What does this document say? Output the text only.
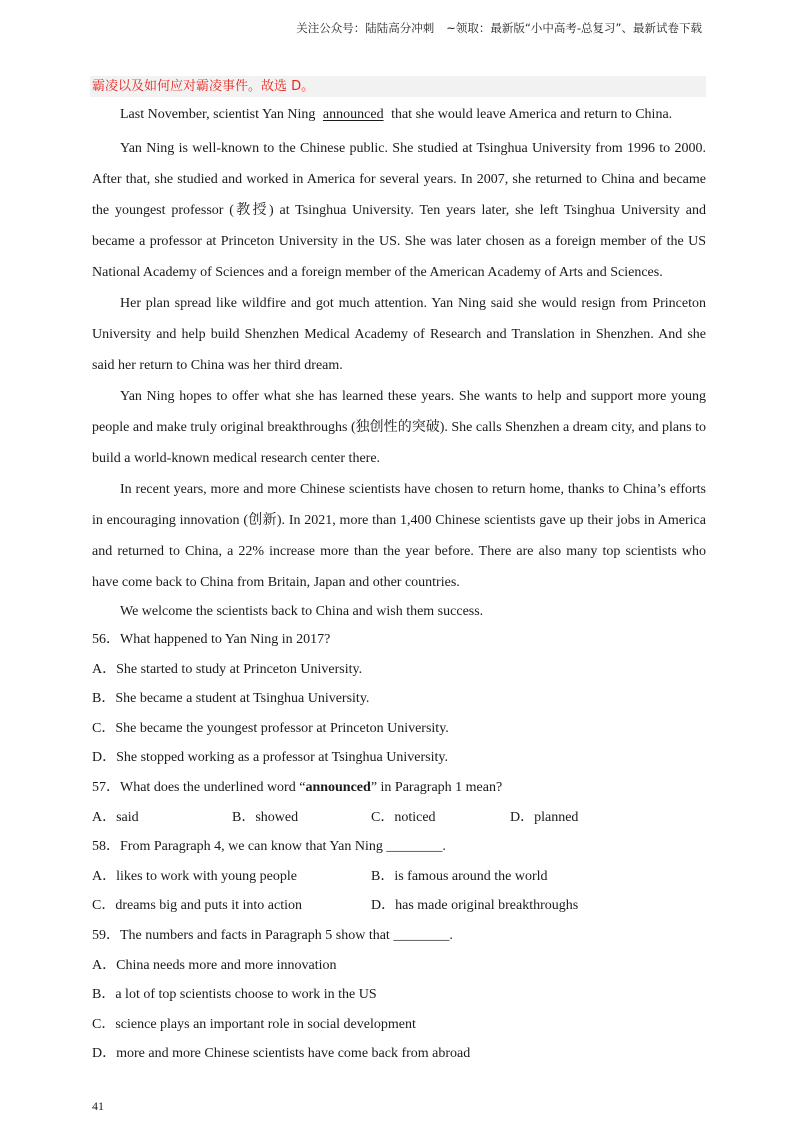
关注公众号：陆陆高分冲刺 ~领取：最新版“小中高考-总复习”、最新试卷下载
霸凌以及如何应对霸凌事件。故选 D。

Last November, scientist Yan Ning announced that she would leave America and return to China.

Yan Ning is well-known to the Chinese public. She studied at Tsinghua University from 1996 to 2000. After that, she studied and worked in America for several years. In 2007, she returned to China and became the youngest professor (教授) at Tsinghua University. Ten years later, she left Tsinghua University and became a professor at Princeton University in the US. She was later chosen as a foreign member of the US National Academy of Sciences and a foreign member of the American Academy of Arts and Sciences.

Her plan spread like wildfire and got much attention. Yan Ning said she would resign from Princeton University and help build Shenzhen Medical Academy of Research and Translation in Shenzhen. And she said her return to China was her third dream.

Yan Ning hopes to offer what she has learned these years. She wants to help and support more young people and make truly original breakthroughs (独创性的突破). She calls Shenzhen a dream city, and plans to build a world-known medical research center there.

In recent years, more and more Chinese scientists have chosen to return home, thanks to China’s efforts in encouraging innovation (创新). In 2021, more than 1,400 Chinese scientists gave up their jobs in America and returned to China, a 22% increase more than the year before. There are also many top scientists who have come back to China from Britain, Japan and other countries.

We welcome the scientists back to China and wish them success.

56．What happened to Yan Ning in 2017?
A．She started to study at Princeton University.
B．She became a student at Tsinghua University.
C．She became the youngest professor at Princeton University.
D．She stopped working as a professor at Tsinghua University.
57．What does the underlined word “announced” in Paragraph 1 mean?
A．said	B．showed	C．noticed	D．planned
58．From Paragraph 4, we can know that Yan Ning ________.
A．likes to work with young people	B．is famous around the world
C．dreams big and puts it into action	D．has made original breakthroughs
59．The numbers and facts in Paragraph 5 show that ________.
A．China needs more and more innovation
B．a lot of top scientists choose to work in the US
C．science plays an important role in social development
D．more and more Chinese scientists have come back from abroad
41
